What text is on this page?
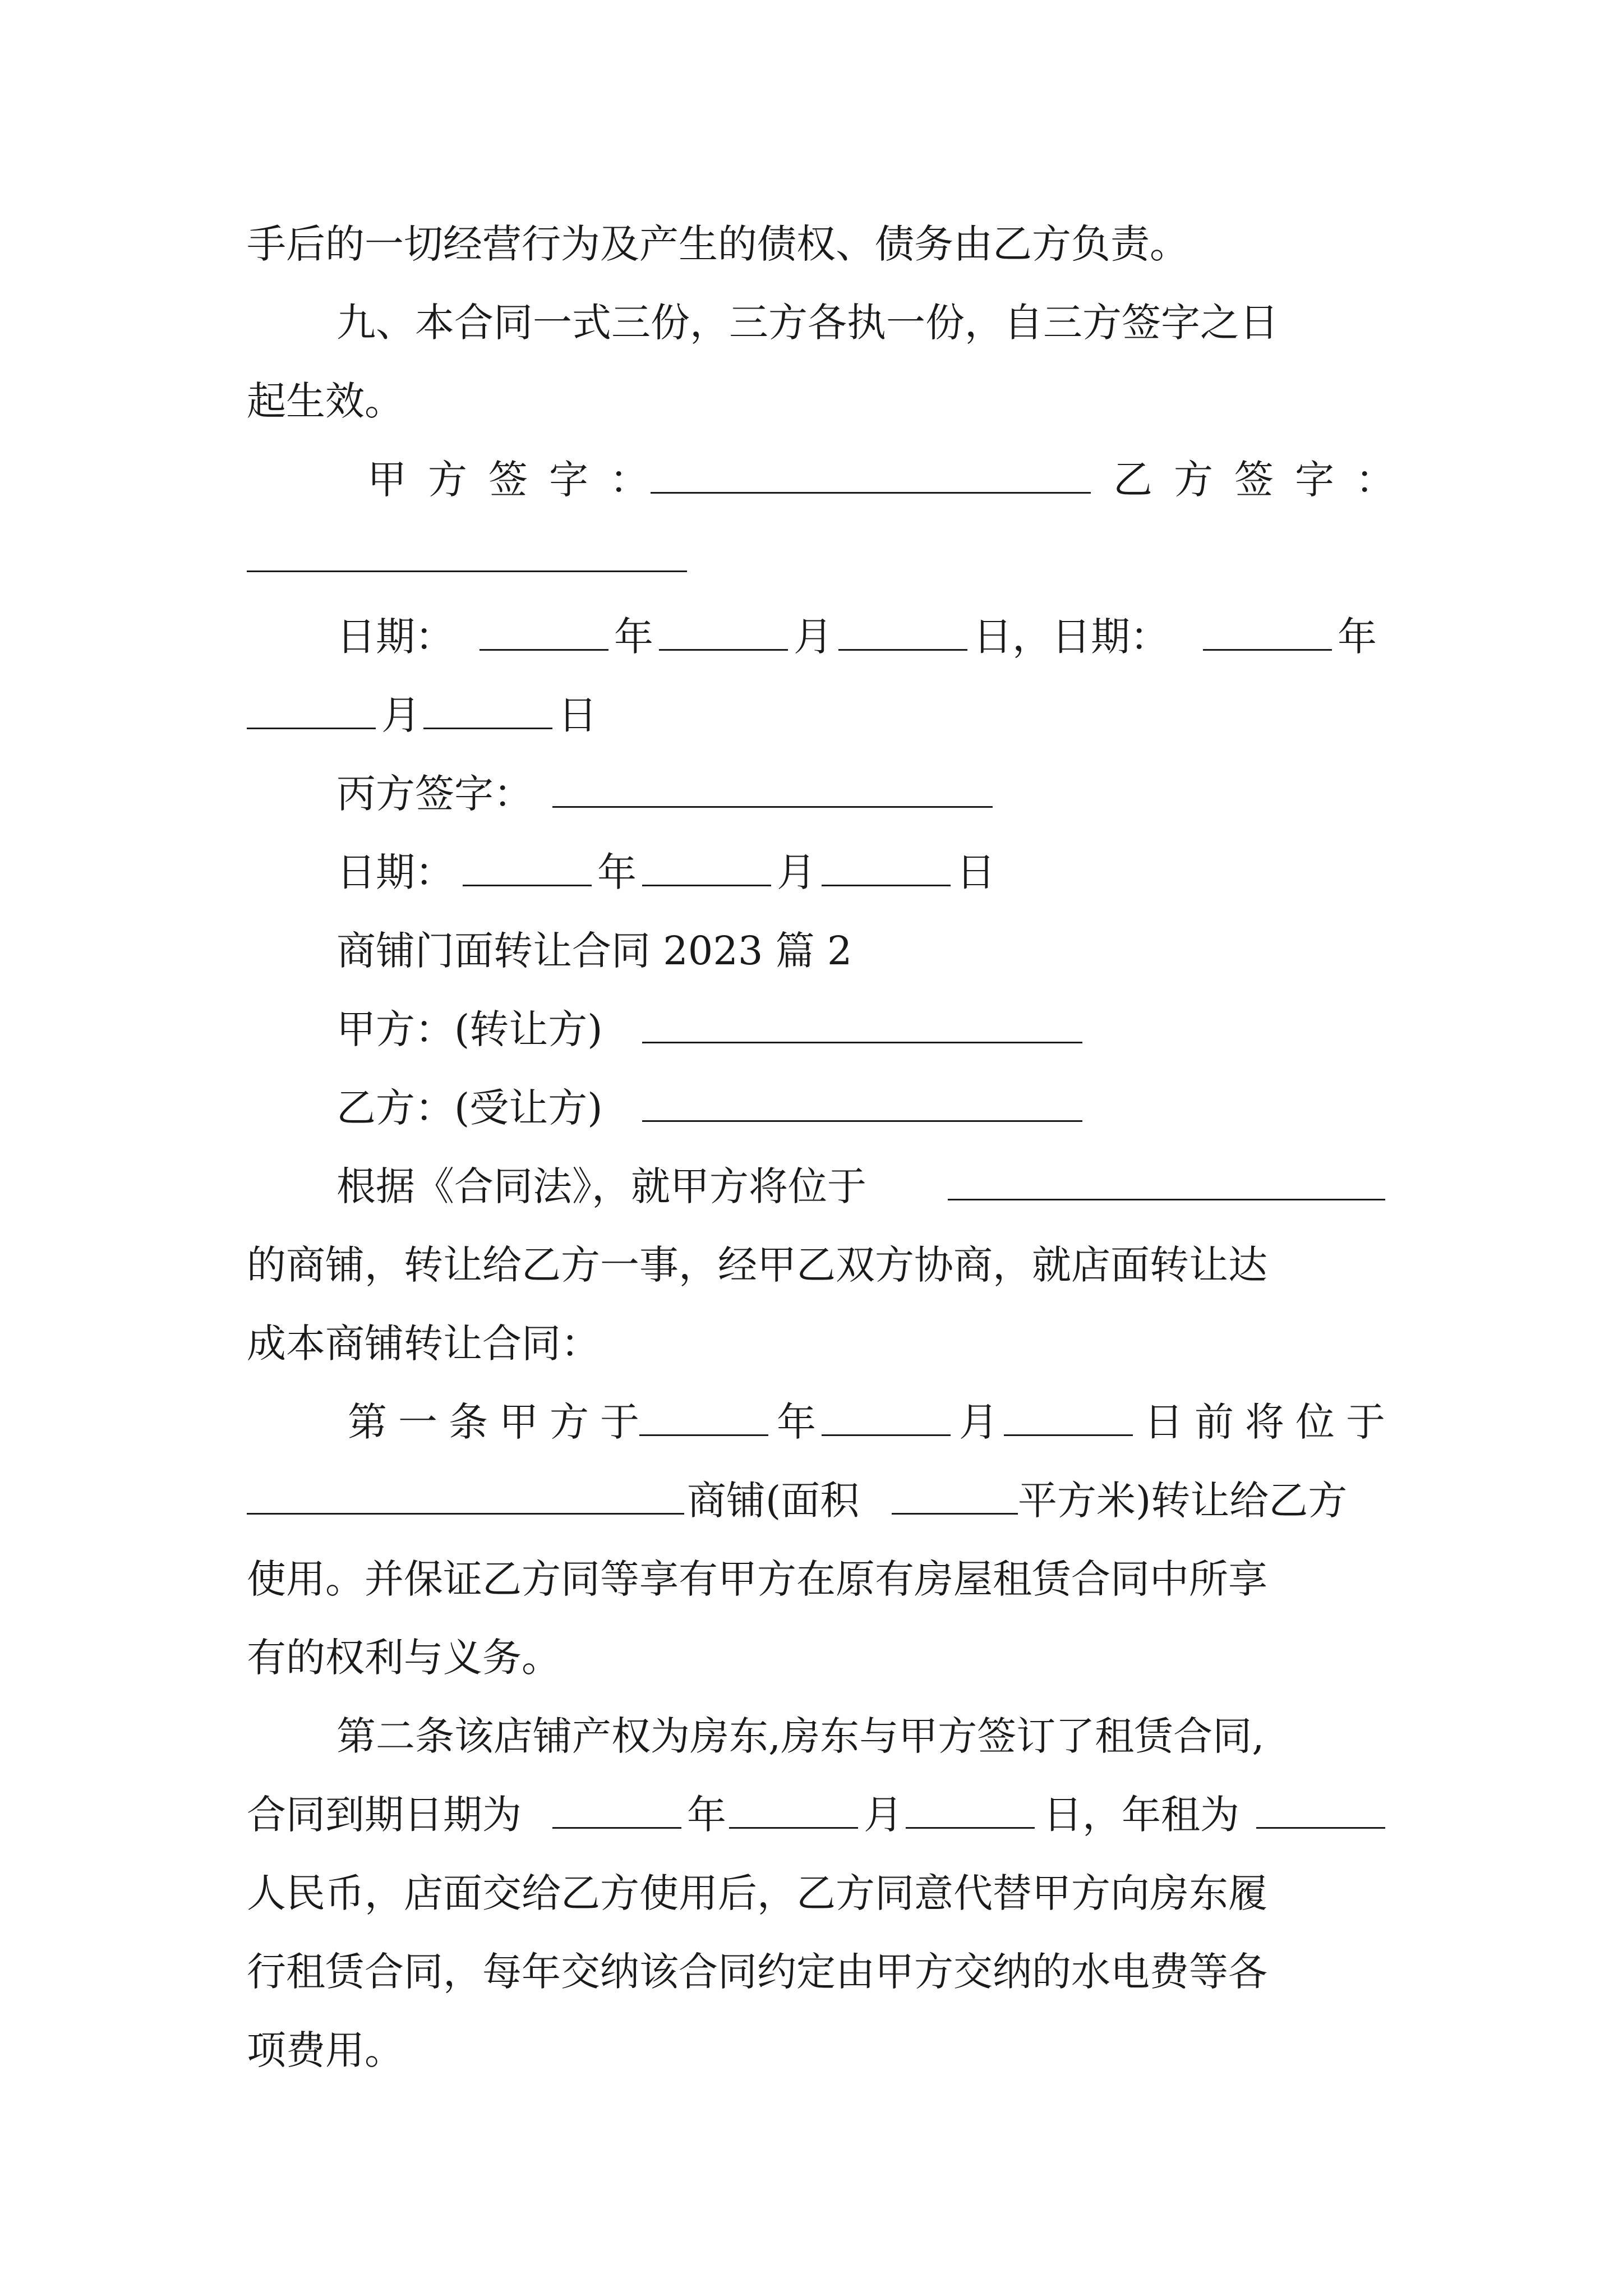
手后的一切经营行为及产生的债权、债务由乙方负责。
九、本合同一式三份，三方各执一份，自三方签字之日
起生效。
甲方签字：	乙方签字：
日期：	年	月	日，日期：	年
月	日
丙方签字：
日期：	年	月	日
商铺门面转让合同 2023 篇 2
甲方：(转让方)
乙方：(受让方)
根据《合同法》，就甲方将位于
的商铺，转让给乙方一事，经甲乙双方协商，就店面转让达
成本商铺转让合同：
第一条甲方于	年	月	日前将位于
商铺(面积	平方米)转让给乙方
使用。并保证乙方同等享有甲方在原有房屋租赁合同中所享
有的权利与义务。
第二条该店铺产权为房东,房东与甲方签订了租赁合同,
合同到期日期为	年	月	日，年租为
人民币，店面交给乙方使用后，乙方同意代替甲方向房东履
行租赁合同，每年交纳该合同约定由甲方交纳的水电费等各
项费用。
